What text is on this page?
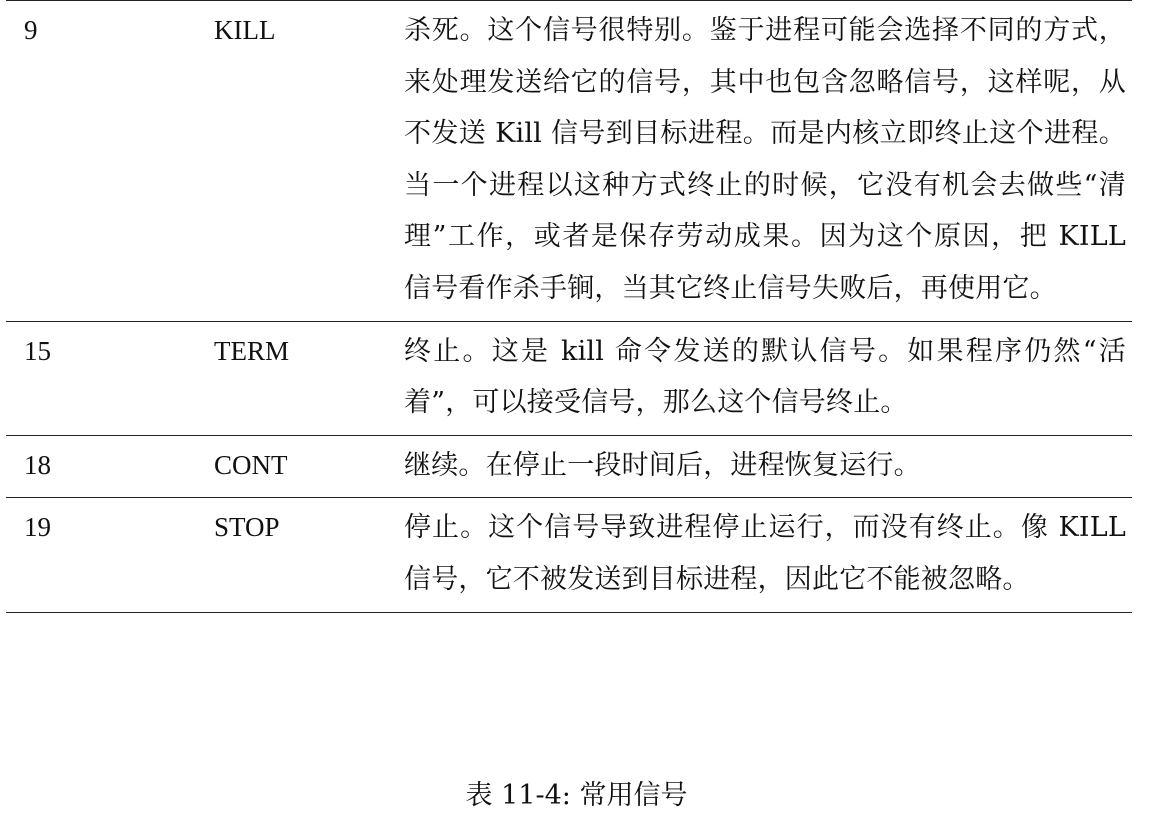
9	KILL	杀死。这个信号很特别。鉴于进程可能会选择不同的方式，来处理发送给它的信号，其中也包含忽略信号，这样呢，从不发送 Kill 信号到目标进程。而是内核立即终止这个进程。当一个进程以这种方式终止的时候，它没有机会去做些“清理”工作，或者是保存劳动成果。因为这个原因，把 KILL 信号看作杀手锏，当其它终止信号失败后，再使用它。
15	TERM	终止。这是 kill 命令发送的默认信号。如果程序仍然“活着”，可以接受信号，那么这个信号终止。
18	CONT	继续。在停止一段时间后，进程恢复运行。
19	STOP	停止。这个信号导致进程停止运行，而没有终止。像 KILL 信号，它不被发送到目标进程，因此它不能被忽略。
表 11-4: 常用信号
